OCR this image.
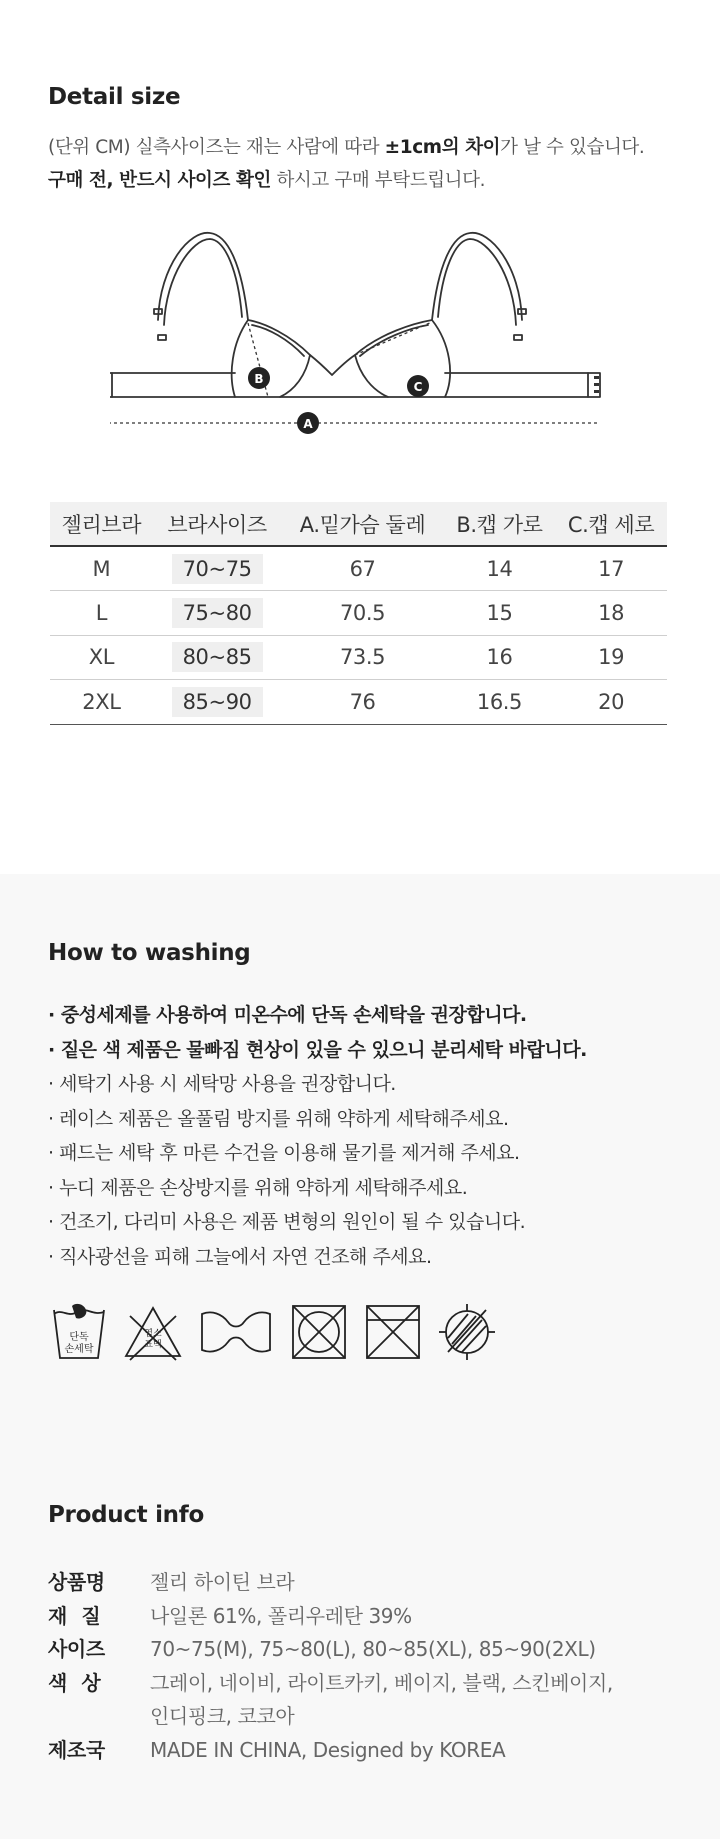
Detail size
(단위 CM) 실측사이즈는 재는 사람에 따라 ±1cm의 차이가 날 수 있습니다.
구매 전, 반드시 사이즈 확인 하시고 구매 부탁드립니다.
A
B
C
젤리브라	브라사이즈	A.밑가슴 둘레	B.캡 가로	C.캡 세로
M	70~75	67	14	17
L	75~80	70.5	15	18
XL	80~85	73.5	16	19
2XL	85~90	76	16.5	20
How to washing
· 중성세제를 사용하여 미온수에 단독 손세탁을 권장합니다.
· 짙은 색 제품은 물빠짐 현상이 있을 수 있으니 분리세탁 바랍니다.
· 세탁기 사용 시 세탁망 사용을 권장합니다.
· 레이스 제품은 올풀림 방지를 위해 약하게 세탁해주세요.
· 패드는 세탁 후 마른 수건을 이용해 물기를 제거해 주세요.
· 누디 제품은 손상방지를 위해 약하게 세탁해주세요.
· 건조기, 다리미 사용은 제품 변형의 원인이 될 수 있습니다.
· 직사광선을 피해 그늘에서 자연 건조해 주세요.
단독
손세탁
염소
표백
Product info
상품명	젤리 하이틴 브라
재질	나일론 61%, 폴리우레탄 39%
사이즈	70~75(M), 75~80(L), 80~85(XL), 85~90(2XL)
색상	그레이, 네이비, 라이트카키, 베이지, 블랙, 스킨베이지,
인디핑크, 코코아
제조국	MADE IN CHINA, Designed by KOREA
